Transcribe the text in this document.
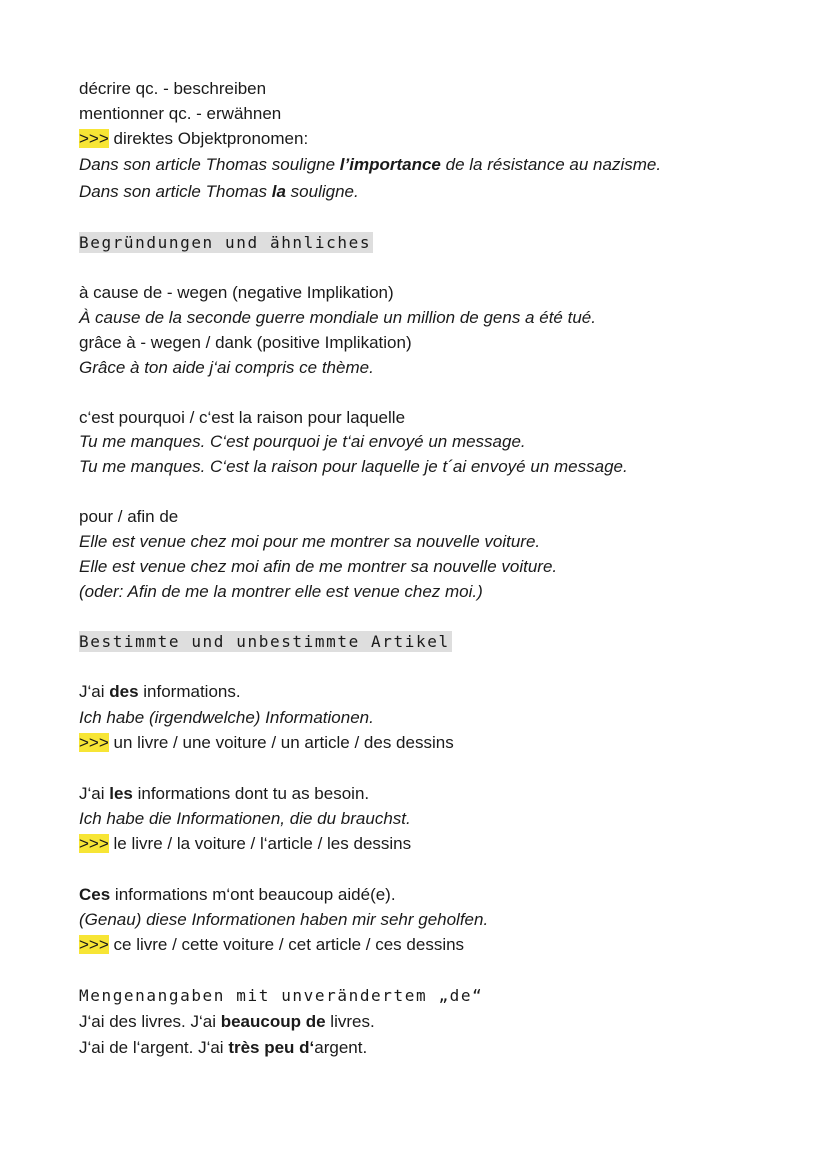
décrire qc. - beschreiben
mentionner qc. - erwähnen
>>> direktes Objektpronomen:
Dans son article Thomas souligne l’importance de la résistance au nazisme.
Dans son article Thomas la souligne.
Begründungen und ähnliches
à cause de - wegen (negative Implikation)
À cause de la seconde guerre mondiale un million de gens a été tué.
grâce à - wegen / dank (positive Implikation)
Grâce à ton aide j‘ai compris ce thème.
c‘est pourquoi / c‘est la raison pour laquelle
Tu me manques. C‘est pourquoi je t‘ai envoyé un message.
Tu me manques. C‘est la raison pour laquelle je t´ai envoyé un message.
pour / afin de
Elle est venue chez moi pour me montrer sa nouvelle voiture.
Elle est venue chez moi afin de me montrer sa nouvelle voiture.
(oder: Afin de me la montrer elle est venue chez moi.)
Bestimmte und unbestimmte Artikel
J‘ai des informations.
Ich habe (irgendwelche) Informationen.
>>> un livre / une voiture / un article / des dessins
J‘ai les informations dont tu as besoin.
Ich habe die Informationen, die du brauchst.
>>> le livre / la voiture / l‘article / les dessins
Ces informations m‘ont beaucoup aidé(e).
(Genau) diese Informationen haben mir sehr geholfen.
>>> ce livre / cette voiture / cet article / ces dessins
Mengenangaben mit unverändertem „de“
J‘ai des livres. J‘ai beaucoup de livres.
J‘ai de l‘argent. J‘ai très peu d‘argent.
